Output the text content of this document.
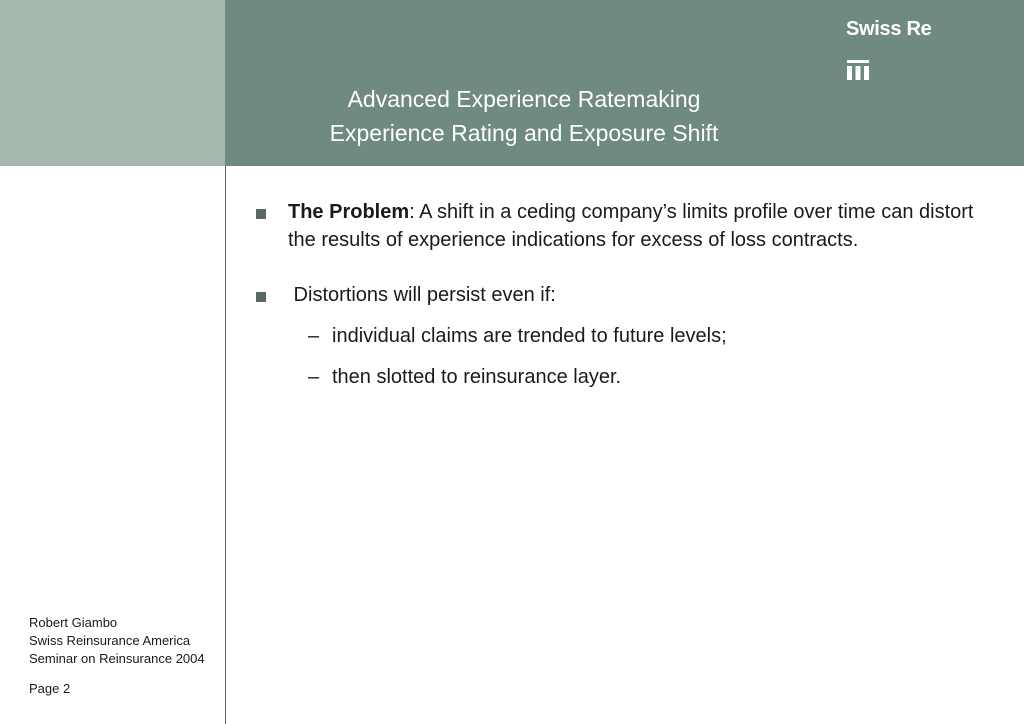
Swiss Re
Advanced Experience Ratemaking
Experience Rating and Exposure Shift
The Problem: A shift in a ceding company’s limits profile over time can distort the results of experience indications for excess of loss contracts.
Distortions will persist even if:
– individual claims are trended to future levels;
– then slotted to reinsurance layer.
Robert Giambo
Swiss Reinsurance America
Seminar on Reinsurance 2004
Page 2
